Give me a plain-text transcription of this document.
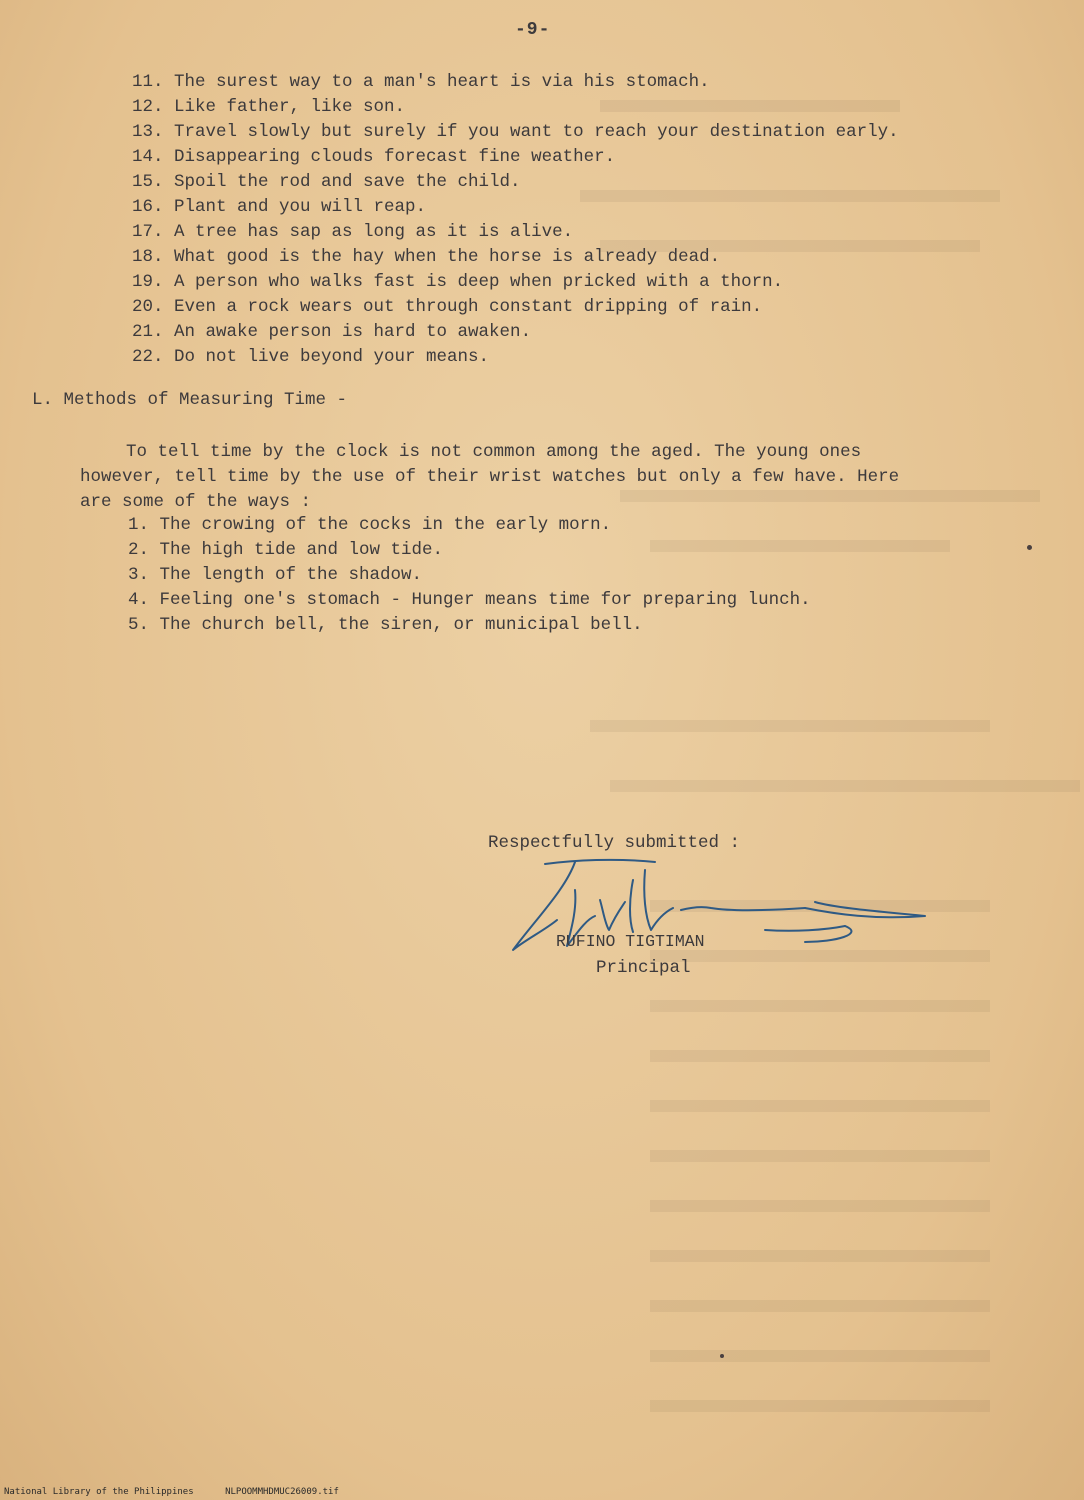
-9-
11. The surest way to a man's heart is via his stomach.
12. Like father, like son.
13. Travel slowly but surely if you want to reach your destination early.
14. Disappearing clouds forecast fine weather.
15. Spoil the rod and save the child.
16. Plant and you will reap.
17. A tree has sap as long as it is alive.
18. What good is the hay when the horse is already dead.
19. A person who walks fast is deep when pricked with a thorn.
20. Even a rock wears out through constant dripping of rain.
21. An awake person is hard to awaken.
22. Do not live beyond your means.
L. Methods of Measuring Time -
To tell time by the clock is not common among the aged. The young ones
however, tell time by the use of their wrist watches but only a few have. Here
are some of the ways :
1. The crowing of the cocks in the early morn.
2. The high tide and low tide.
3. The length of the shadow.
4. Feeling one's stomach - Hunger means time for preparing lunch.
5. The church bell, the siren, or municipal bell.
Respectfully submitted :
RUFINO TIGTIMAN
Principal
National Library of the Philippines	NLPOOMMHDMUC26009.tif
